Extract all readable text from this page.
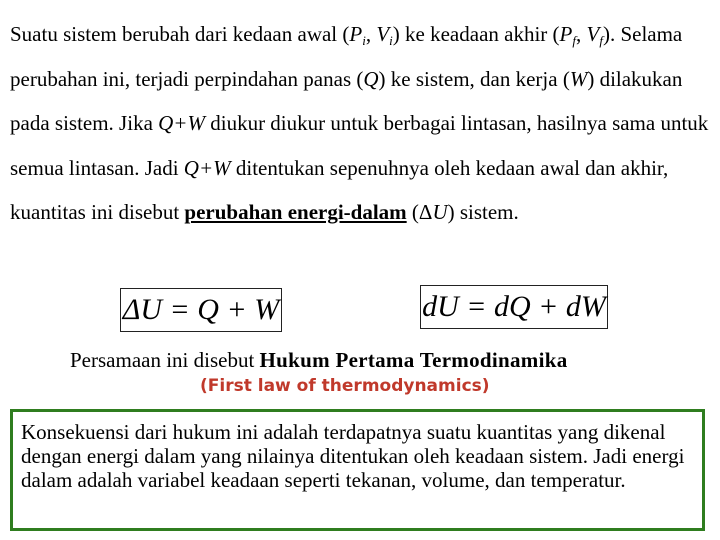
Suatu sistem berubah dari kedaan awal ($P_i$, $V_i$) ke keadaan akhir ($P_f$, $V_f$). Selama perubahan ini, terjadi perpindahan panas (Q) ke sistem, dan kerja (W) dilakukan pada sistem. Jika Q+W diukur diukur untuk berbagai lintasan, hasilnya sama untuk semua lintasan. Jadi Q+W ditentukan sepenuhnya oleh kedaan awal dan akhir, kuantitas ini disebut perubahan energi-dalam (ΔU) sistem.
ΔU = Q + W	dU = dQ + dW
Persamaan ini disebut Hukum Pertama Termodinamika
(First law of thermodynamics)
Konsekuensi dari hukum ini adalah terdapatnya suatu kuantitas yang dikenal dengan energi dalam yang nilainya ditentukan oleh keadaan sistem. Jadi energi dalam adalah variabel keadaan seperti tekanan, volume, dan temperatur.
